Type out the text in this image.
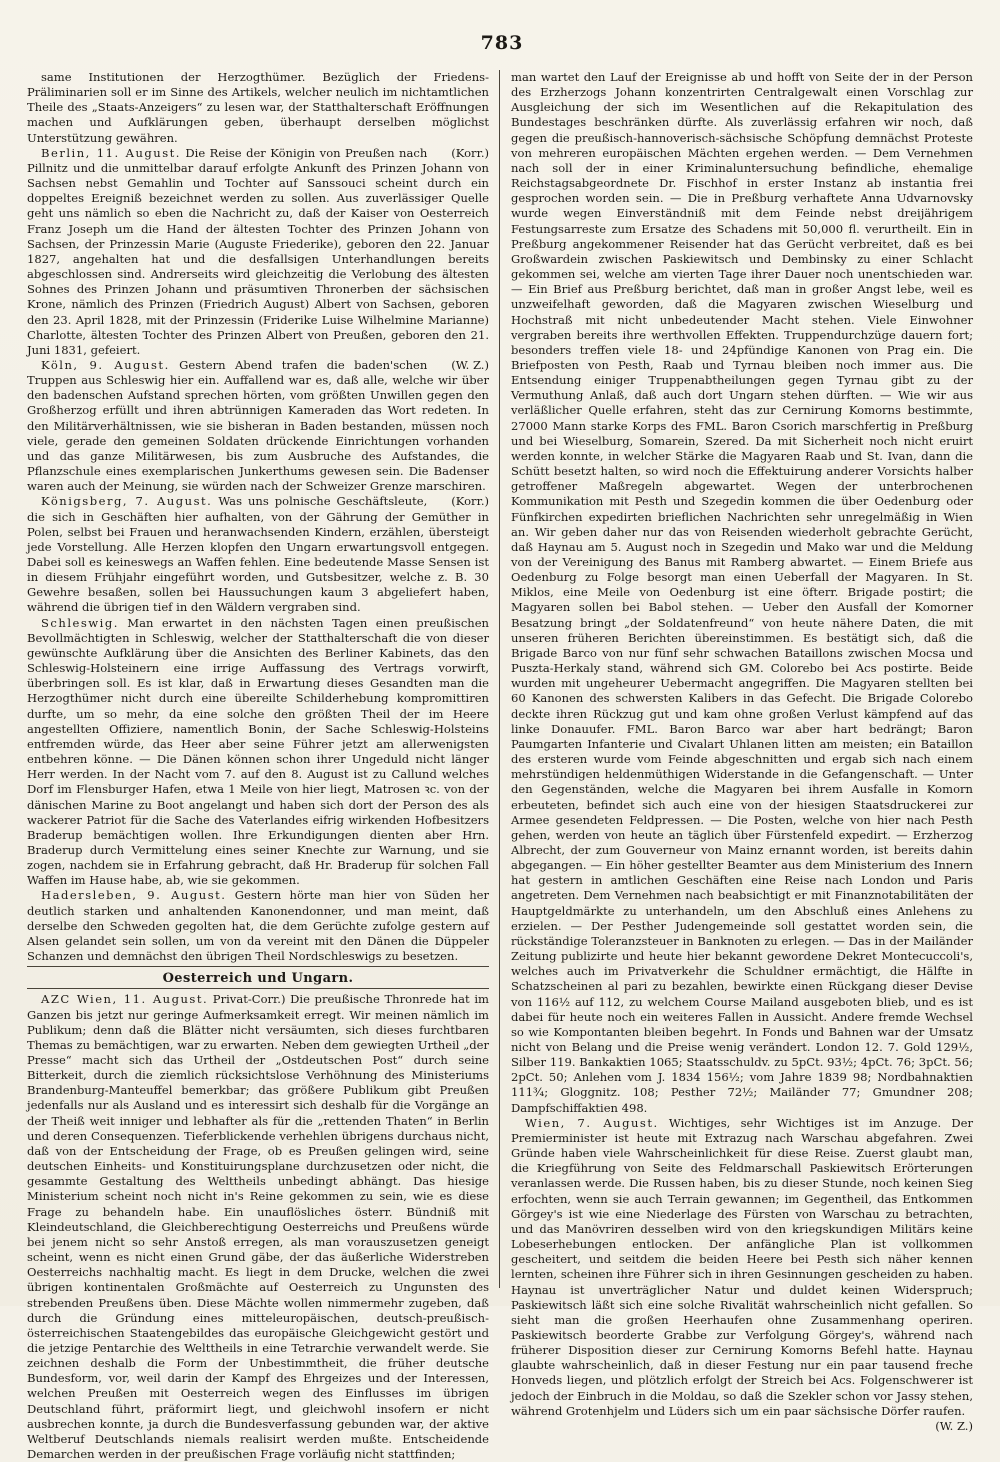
783

same Institutionen der Herzogthümer. Bezüglich der Friedens-Präliminarien soll er im Sinne des Artikels, welcher neulich im nichtamtlichen Theile des „Staats-Anzeigers“ zu lesen war, der Statthalterschaft Eröffnungen machen und Aufklärungen geben, überhaupt derselben möglichst Unterstützung gewähren.

(Korr.)
Berlin, 11. August. Die Reise der Königin von Preußen nach Pillnitz und die unmittelbar darauf erfolgte Ankunft des Prinzen Johann von Sachsen nebst Gemahlin und Tochter auf Sanssouci scheint durch ein doppeltes Ereigniß bezeichnet werden zu sollen. Aus zuverlässiger Quelle geht uns nämlich so eben die Nachricht zu, daß der Kaiser von Oesterreich Franz Joseph um die Hand der ältesten Tochter des Prinzen Johann von Sachsen, der Prinzessin Marie (Auguste Friederike), geboren den 22. Januar 1827, angehalten hat und die desfallsigen Unterhandlungen bereits abgeschlossen sind. Andrerseits wird gleichzeitig die Verlobung des ältesten Sohnes des Prinzen Johann und präsumtiven Thronerben der sächsischen Krone, nämlich des Prinzen (Friedrich August) Albert von Sachsen, geboren den 23. April 1828, mit der Prinzessin (Friderike Luise Wilhelmine Marianne) Charlotte, ältesten Tochter des Prinzen Albert von Preußen, geboren den 21. Juni 1831, gefeiert.

(W. Z.)
Köln, 9. August. Gestern Abend trafen die baden'schen Truppen aus Schleswig hier ein. Auffallend war es, daß alle, welche wir über den badenschen Aufstand sprechen hörten, vom größten Unwillen gegen den Großherzog erfüllt und ihren abtrünnigen Kameraden das Wort redeten. In den Militärverhältnissen, wie sie bisheran in Baden bestanden, müssen noch viele, gerade den gemeinen Soldaten drückende Einrichtungen vorhanden und das ganze Militärwesen, bis zum Ausbruche des Aufstandes, die Pflanzschule eines exemplarischen Junkerthums gewesen sein. Die Badenser waren auch der Meinung, sie würden nach der Schweizer Grenze marschiren.

(Korr.)
Königsberg, 7. August. Was uns polnische Geschäftsleute, die sich in Geschäften hier aufhalten, von der Gährung der Gemüther in Polen, selbst bei Frauen und heranwachsenden Kindern, erzählen, übersteigt jede Vorstellung. Alle Herzen klopfen den Ungarn erwartungsvoll entgegen. Dabei soll es keineswegs an Waffen fehlen. Eine bedeutende Masse Sensen ist in diesem Frühjahr eingeführt worden, und Gutsbesitzer, welche z. B. 30 Gewehre besaßen, sollen bei Haussuchungen kaum 3 abgeliefert haben, während die übrigen tief in den Wäldern vergraben sind.

Schleswig. Man erwartet in den nächsten Tagen einen preußischen Bevollmächtigten in Schleswig, welcher der Statthalterschaft die von dieser gewünschte Aufklärung über die Ansichten des Berliner Kabinets, das den Schleswig-Holsteinern eine irrige Auffassung des Vertrags vorwirft, überbringen soll. Es ist klar, daß in Erwartung dieses Gesandten man die Herzogthümer nicht durch eine übereilte Schilderhebung kompromittiren durfte, um so mehr, da eine solche den größten Theil der im Heere angestellten Offiziere, namentlich Bonin, der Sache Schleswig-Holsteins entfremden würde, das Heer aber seine Führer jetzt am allerwenigsten entbehren könne. — Die Dänen können schon ihrer Ungeduld nicht länger Herr werden. In der Nacht vom 7. auf den 8. August ist zu Callund welches Dorf im Flensburger Hafen, etwa 1 Meile von hier liegt, Matrosen ꝛc. von der dänischen Marine zu Boot angelangt und haben sich dort der Person des als wackerer Patriot für die Sache des Vaterlandes eifrig wirkenden Hofbesitzers Braderup bemächtigen wollen. Ihre Erkundigungen dienten aber Hrn. Braderup durch Vermittelung eines seiner Knechte zur Warnung, und sie zogen, nachdem sie in Erfahrung gebracht, daß Hr. Braderup für solchen Fall Waffen im Hause habe, ab, wie sie gekommen.

Hadersleben, 9. August. Gestern hörte man hier von Süden her deutlich starken und anhaltenden Kanonendonner, und man meint, daß derselbe den Schweden gegolten hat, die dem Gerüchte zufolge gestern auf Alsen gelandet sein sollen, um von da vereint mit den Dänen die Düppeler Schanzen und demnächst den übrigen Theil Nordschleswigs zu besetzen.

Oesterreich und Ungarn.

AZC Wien, 11. August. Privat-Corr.) Die preußische Thronrede hat im Ganzen bis jetzt nur geringe Aufmerksamkeit erregt. Wir meinen nämlich im Publikum; denn daß die Blätter nicht versäumten, sich dieses furchtbaren Themas zu bemächtigen, war zu erwarten. Neben dem gewiegten Urtheil „der Presse“ macht sich das Urtheil der „Ostdeutschen Post“ durch seine Bitterkeit, durch die ziemlich rücksichtslose Verhöhnung des Ministeriums Brandenburg-Manteuffel bemerkbar; das größere Publikum gibt Preußen jedenfalls nur als Ausland und es interessirt sich deshalb für die Vorgänge an der Theiß weit inniger und lebhafter als für die „rettenden Thaten“ in Berlin und deren Consequenzen. Tieferblickende verhehlen übrigens durchaus nicht, daß von der Entscheidung der Frage, ob es Preußen gelingen wird, seine deutschen Einheits- und Konstituirungsplane durchzusetzen oder nicht, die gesammte Gestaltung des Welttheils unbedingt abhängt. Das hiesige Ministerium scheint noch nicht in's Reine gekommen zu sein, wie es diese Frage zu behandeln habe. Ein unauflösliches österr. Bündniß mit Kleindeutschland, die Gleichberechtigung Oesterreichs und Preußens würde bei jenem nicht so sehr Anstoß erregen, als man vorauszusetzen geneigt scheint, wenn es nicht einen Grund gäbe, der das äußerliche Widerstreben Oesterreichs nachhaltig macht. Es liegt in dem Drucke, welchen die zwei übrigen kontinentalen Großmächte auf Oesterreich zu Ungunsten des strebenden Preußens üben. Diese Mächte wollen nimmermehr zugeben, daß durch die Gründung eines mitteleuropäischen, deutsch-preußisch-österreichischen Staatengebildes das europäische Gleichgewicht gestört und die jetzige Pentarchie des Welttheils in eine Tetrarchie verwandelt werde. Sie zeichnen deshalb die Form der Unbestimmtheit, die früher deutsche Bundesform, vor, weil darin der Kampf des Ehrgeizes und der Interessen, welchen Preußen mit Oesterreich wegen des Einflusses im übrigen Deutschland führt, präformirt liegt, und gleichwohl insofern er nicht ausbrechen konnte, ja durch die Bundesverfassung gebunden war, der aktive Weltberuf Deutschlands niemals realisirt werden mußte. Entscheidende Demarchen werden in der preußischen Frage vorläufig nicht stattfinden;

man wartet den Lauf der Ereignisse ab und hofft von Seite der in der Person des Erzherzogs Johann konzentrirten Centralgewalt einen Vorschlag zur Ausgleichung der sich im Wesentlichen auf die Rekapitulation des Bundestages beschränken dürfte. Als zuverlässig erfahren wir noch, daß gegen die preußisch-hannoverisch-sächsische Schöpfung demnächst Proteste von mehreren europäischen Mächten ergehen werden. — Dem Vernehmen nach soll der in einer Kriminaluntersuchung befindliche, ehemalige Reichstagsabgeordnete Dr. Fischhof in erster Instanz ab instantia frei gesprochen worden sein. — Die in Preßburg verhaftete Anna Udvarnovsky wurde wegen Einverständniß mit dem Feinde nebst dreijährigem Festungsarreste zum Ersatze des Schadens mit 50,000 fl. verurtheilt. Ein in Preßburg angekommener Reisender hat das Gerücht verbreitet, daß es bei Großwardein zwischen Paskiewitsch und Dembinsky zu einer Schlacht gekommen sei, welche am vierten Tage ihrer Dauer noch unentschieden war. — Ein Brief aus Preßburg berichtet, daß man in großer Angst lebe, weil es unzweifelhaft geworden, daß die Magyaren zwischen Wieselburg und Hochstraß mit nicht unbedeutender Macht stehen. Viele Einwohner vergraben bereits ihre werthvollen Effekten. Truppendurchzüge dauern fort; besonders treffen viele 18- und 24pfündige Kanonen von Prag ein. Die Briefposten von Pesth, Raab und Tyrnau bleiben noch immer aus. Die Entsendung einiger Truppenabtheilungen gegen Tyrnau gibt zu der Vermuthung Anlaß, daß auch dort Ungarn stehen dürften. — Wie wir aus verläßlicher Quelle erfahren, steht das zur Cernirung Komorns bestimmte, 27000 Mann starke Korps des FML. Baron Csorich marschfertig in Preßburg und bei Wieselburg, Somarein, Szered. Da mit Sicherheit noch nicht eruirt werden konnte, in welcher Stärke die Magyaren Raab und St. Ivan, dann die Schütt besetzt halten, so wird noch die Effektuirung anderer Vorsichts halber getroffener Maßregeln abgewartet. Wegen der unterbrochenen Kommunikation mit Pesth und Szegedin kommen die über Oedenburg oder Fünfkirchen expedirten brieflichen Nachrichten sehr unregelmäßig in Wien an. Wir geben daher nur das von Reisenden wiederholt gebrachte Gerücht, daß Haynau am 5. August noch in Szegedin und Mako war und die Meldung von der Vereinigung des Banus mit Ramberg abwartet. — Einem Briefe aus Oedenburg zu Folge besorgt man einen Ueberfall der Magyaren. In St. Miklos, eine Meile von Oedenburg ist eine öfterr. Brigade postirt; die Magyaren sollen bei Babol stehen. — Ueber den Ausfall der Komorner Besatzung bringt „der Soldatenfreund“ von heute nähere Daten, die mit unseren früheren Berichten übereinstimmen. Es bestätigt sich, daß die Brigade Barco von nur fünf sehr schwachen Bataillons zwischen Mocsa und Puszta-Herkaly stand, während sich GM. Colorebo bei Acs postirte. Beide wurden mit ungeheurer Uebermacht angegriffen. Die Magyaren stellten bei 60 Kanonen des schwersten Kalibers in das Gefecht. Die Brigade Colorebo deckte ihren Rückzug gut und kam ohne großen Verlust kämpfend auf das linke Donauufer. FML. Baron Barco war aber hart bedrängt; Baron Paumgarten Infanterie und Civalart Uhlanen litten am meisten; ein Bataillon des ersteren wurde vom Feinde abgeschnitten und ergab sich nach einem mehrstündigen heldenmüthigen Widerstande in die Gefangenschaft. — Unter den Gegenständen, welche die Magyaren bei ihrem Ausfalle in Komorn erbeuteten, befindet sich auch eine von der hiesigen Staatsdruckerei zur Armee gesendeten Feldpressen. — Die Posten, welche von hier nach Pesth gehen, werden von heute an täglich über Fürstenfeld expedirt. — Erzherzog Albrecht, der zum Gouverneur von Mainz ernannt worden, ist bereits dahin abgegangen. — Ein höher gestellter Beamter aus dem Ministerium des Innern hat gestern in amtlichen Geschäften eine Reise nach London und Paris angetreten. Dem Vernehmen nach beabsichtigt er mit Finanznotabilitäten der Hauptgeldmärkte zu unterhandeln, um den Abschluß eines Anlehens zu erzielen. — Der Pesther Judengemeinde soll gestattet worden sein, die rückständige Toleranzsteuer in Banknoten zu erlegen. — Das in der Mailänder Zeitung publizirte und heute hier bekannt gewordene Dekret Montecuccoli's, welches auch im Privatverkehr die Schuldner ermächtigt, die Hälfte in Schatzscheinen al pari zu bezahlen, bewirkte einen Rückgang dieser Devise von 116½ auf 112, zu welchem Course Mailand ausgeboten blieb, und es ist dabei für heute noch ein weiteres Fallen in Aussicht. Andere fremde Wechsel so wie Kompontanten bleiben begehrt. In Fonds und Bahnen war der Umsatz nicht von Belang und die Preise wenig verändert. London 12. 7. Gold 129½, Silber 119. Bankaktien 1065; Staatsschuldv. zu 5pCt. 93½; 4pCt. 76; 3pCt. 56; 2pCt. 50; Anlehen vom J. 1834 156½; vom Jahre 1839 98; Nordbahnaktien 111¾; Gloggnitz. 108; Pesther 72½; Mailänder 77; Gmundner 208; Dampfschiffaktien 498.

Wien, 7. August. Wichtiges, sehr Wichtiges ist im Anzuge. Der Premierminister ist heute mit Extrazug nach Warschau abgefahren. Zwei Gründe haben viele Wahrscheinlichkeit für diese Reise. Zuerst glaubt man, die Kriegführung von Seite des Feldmarschall Paskiewitsch Erörterungen veranlassen werde. Die Russen haben, bis zu dieser Stunde, noch keinen Sieg erfochten, wenn sie auch Terrain gewannen; im Gegentheil, das Entkommen Görgey's ist wie eine Niederlage des Fürsten von Warschau zu betrachten, und das Manövriren desselben wird von den kriegskundigen Militärs keine Lobeserhebungen entlocken. Der anfängliche Plan ist vollkommen gescheitert, und seitdem die beiden Heere bei Pesth sich näher kennen lernten, scheinen ihre Führer sich in ihren Gesinnungen gescheiden zu haben. Haynau ist unverträglicher Natur und duldet keinen Widerspruch; Paskiewitsch läßt sich eine solche Rivalität wahrscheinlich nicht gefallen. So sieht man die großen Heerhaufen ohne Zusammenhang operiren. Paskiewitsch beorderte Grabbe zur Verfolgung Görgey's, während nach früherer Disposition dieser zur Cernirung Komorns Befehl hatte. Haynau glaubte wahrscheinlich, daß in dieser Festung nur ein paar tausend freche Honveds liegen, und plötzlich erfolgt der Streich bei Acs. Folgenschwerer ist jedoch der Einbruch in die Moldau, so daß die Szekler schon vor Jassy stehen, während Grotenhjelm und Lüders sich um ein paar sächsische Dörfer raufen.

(W. Z.)
